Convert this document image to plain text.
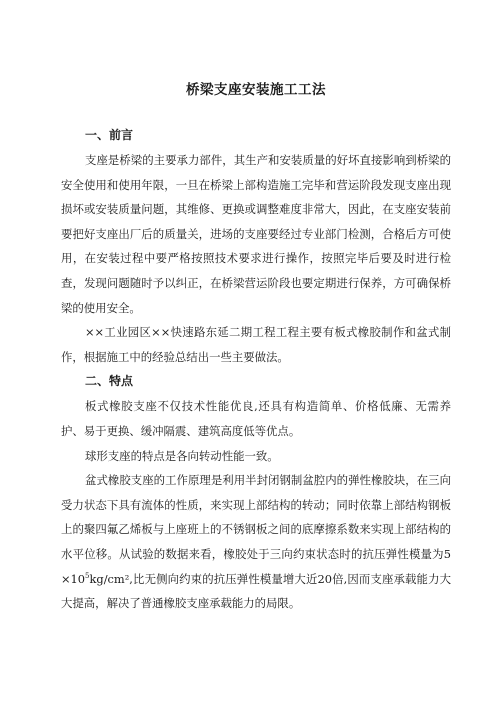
桥梁支座安装施工工法

一、前言

支座是桥梁的主要承力部件，其生产和安装质量的好坏直接影响到桥梁的安全使用和使用年限，一旦在桥梁上部构造施工完毕和营运阶段发现支座出现损坏或安装质量问题，其维修、更换或调整难度非常大，因此，在支座安装前要把好支座出厂后的质量关，进场的支座要经过专业部门检测，合格后方可使用，在安装过程中要严格按照技术要求进行操作，按照完毕后要及时进行检查，发现问题随时予以纠正，在桥梁营运阶段也要定期进行保养，方可确保桥梁的使用安全。

××工业园区××快速路东延二期工程工程主要有板式橡胶制作和盆式制作，根据施工中的经验总结出一些主要做法。

二、特点

板式橡胶支座不仅技术性能优良,还具有构造简单、价格低廉、无需养护、易于更换、缓冲隔震、建筑高度低等优点。

球形支座的特点是各向转动性能一致。

盆式橡胶支座的工作原理是利用半封闭钢制盆腔内的弹性橡胶块，在三向受力状态下具有流体的性质，来实现上部结构的转动；同时依靠上部结构钢板上的聚四氟乙烯板与上座班上的不锈钢板之间的底摩擦系数来实现上部结构的水平位移。从试验的数据来看，橡胶处于三向约束状态时的抗压弹性模量为$5\times 10^5kg$/cm²,比无侧向约束的抗压弹性模量增大近20倍,因而支座承载能力大大提高，解决了普通橡胶支座承载能力的局限。
